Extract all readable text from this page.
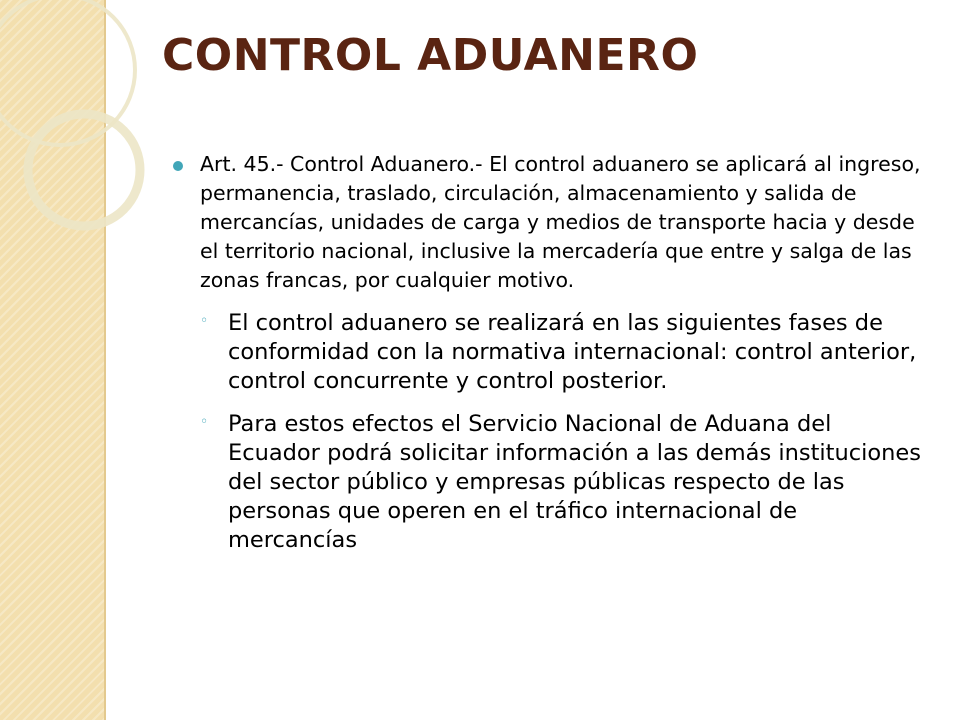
CONTROL ADUANERO
Art. 45.- Control Aduanero.- El control aduanero se aplicará al ingreso, permanencia, traslado, circulación, almacenamiento y salida de mercancías, unidades de carga y medios de transporte hacia y desde el territorio nacional, inclusive la mercadería que entre y salga de las zonas francas, por cualquier motivo.
◦ El control aduanero se realizará en las siguientes fases de conformidad con la normativa internacional: control anterior, control concurrente y control posterior.
◦ Para estos efectos el Servicio Nacional de Aduana del Ecuador podrá solicitar información a las demás instituciones del sector público y empresas públicas respecto de las personas que operen en el tráfico internacional de mercancías
